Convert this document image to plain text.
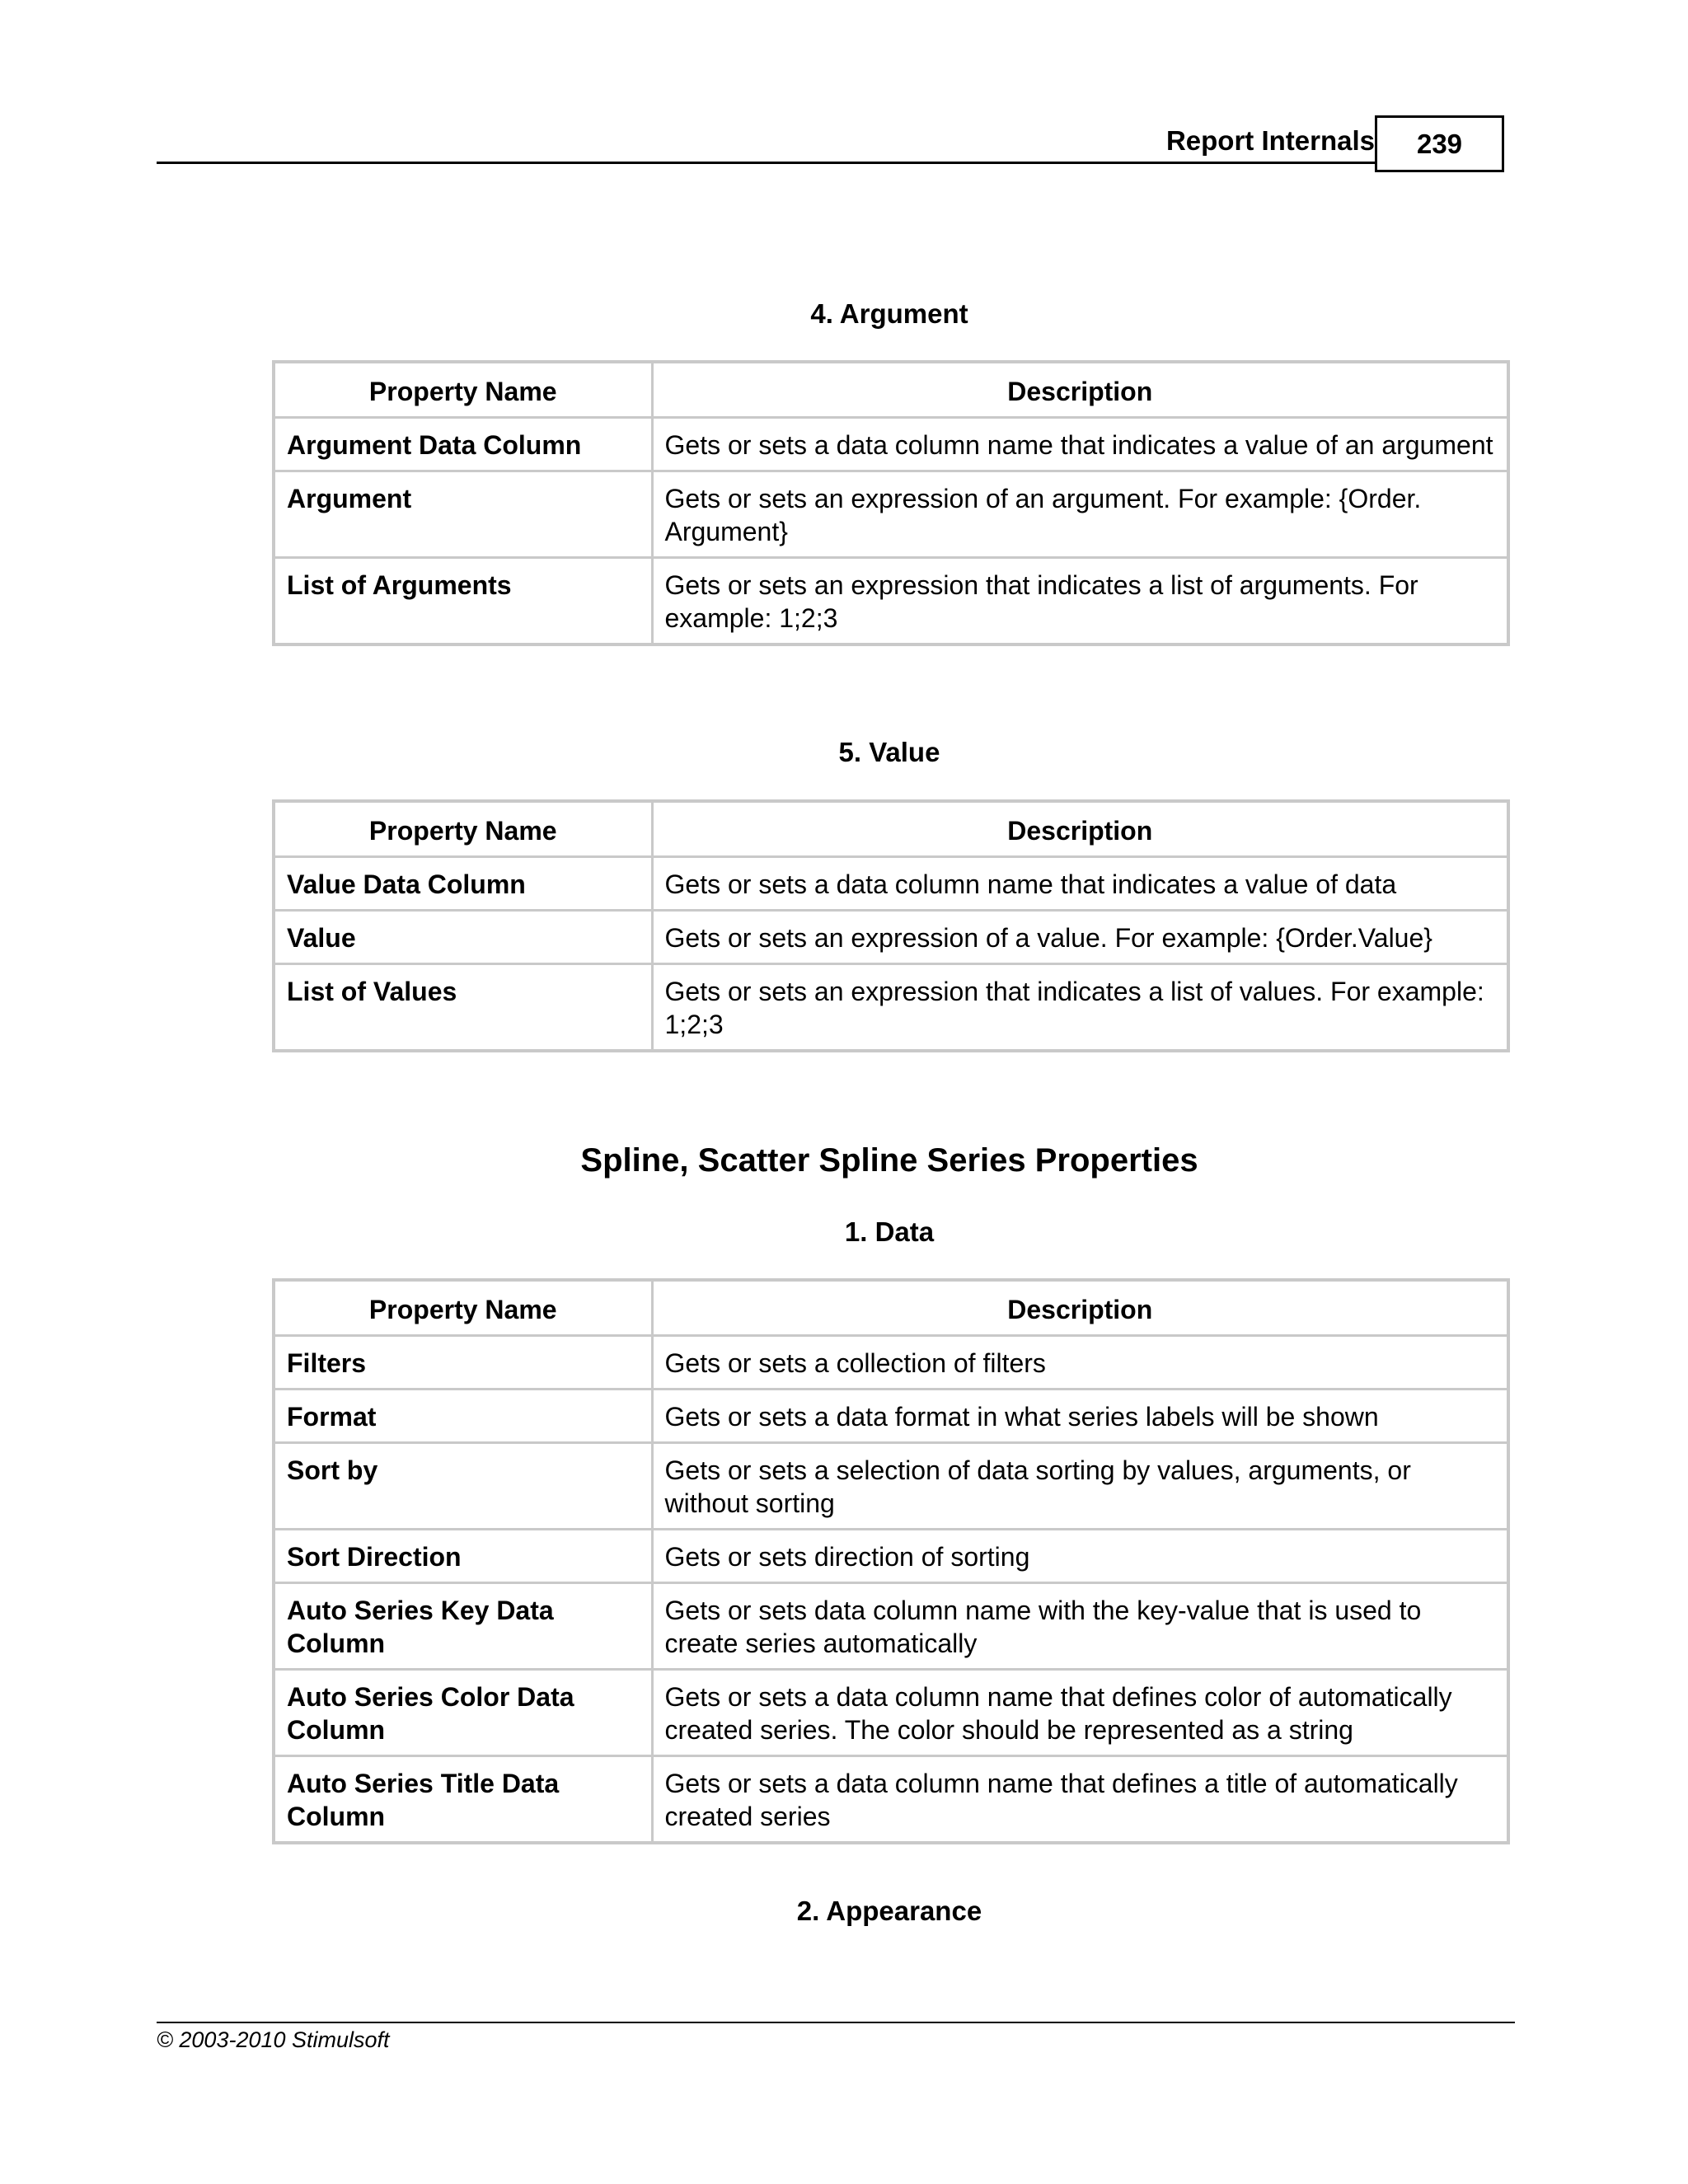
Report Internals	239
4. Argument
Property Name	Description
Argument Data Column	Gets or sets a data column name that indicates a value of an argument
Argument	Gets or sets an expression of an argument. For example: {Order. Argument}
List of Arguments	Gets or sets an expression that indicates a list of arguments. For example: 1;2;3
5. Value
Property Name	Description
Value Data Column	Gets or sets a data column name that indicates a value of data
Value	Gets or sets an expression of a value. For example: {Order.Value}
List of Values	Gets or sets an expression that indicates a list of values. For example: 1;2;3
Spline, Scatter Spline Series Properties
1. Data
Property Name	Description
Filters	Gets or sets a collection of filters
Format	Gets or sets a data format in what series labels will be shown
Sort by	Gets or sets a selection of data sorting by values, arguments, or without sorting
Sort Direction	Gets or sets direction of sorting
Auto Series Key Data Column	Gets or sets data column name with the key-value that is used to create series automatically
Auto Series Color Data Column	Gets or sets a data column name that defines color of automatically created series. The color should be represented as a string
Auto Series Title Data Column	Gets or sets a data column name that defines a title of automatically created series
2. Appearance
© 2003-2010 Stimulsoft
